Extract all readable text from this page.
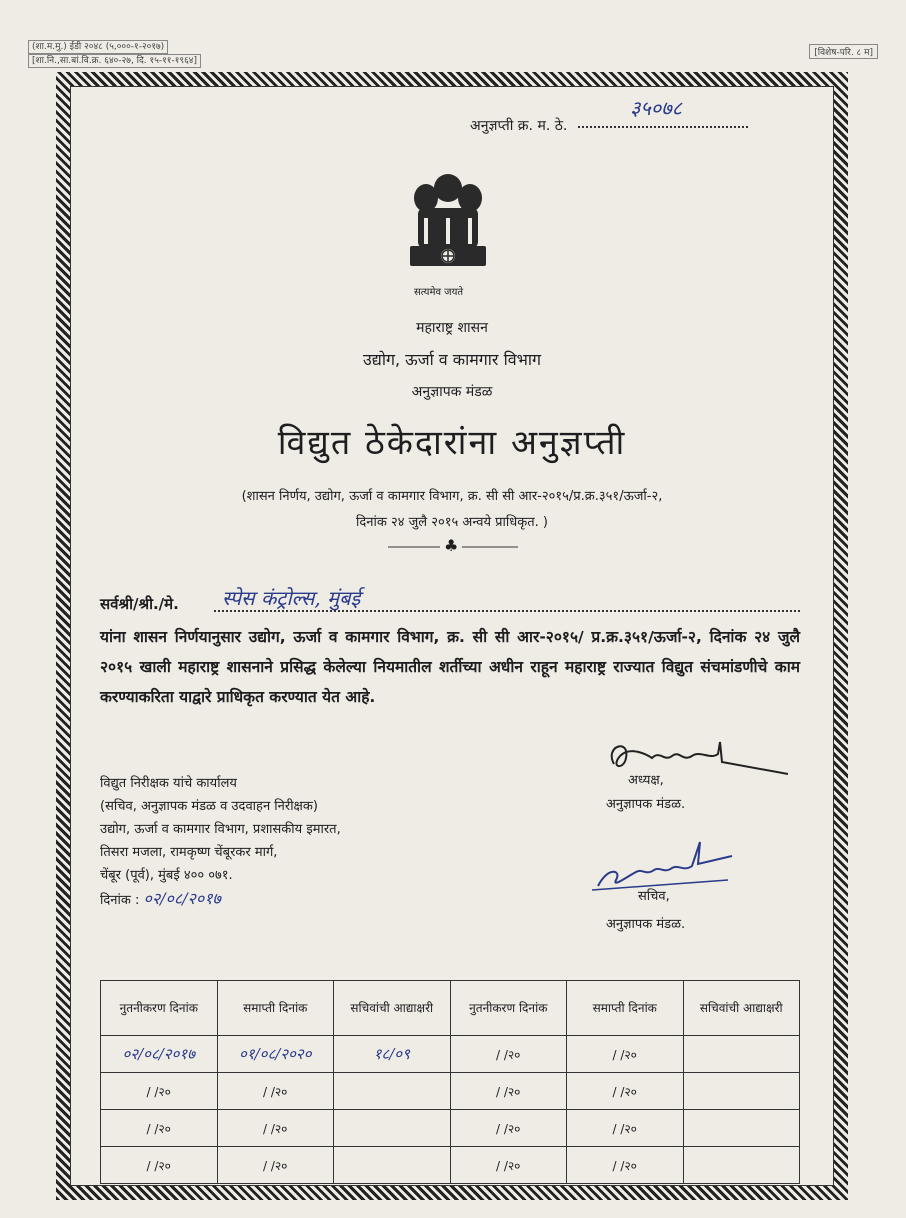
(शा.म.मु.) ईडी २०४८ (५,०००-१-२०१७)
[शा.नि.,सा.बां.वि.क्र. ६४०-२७, दि. १५-११-१९६४]
[विशेष-परि. ८ म]
अनुज्ञप्ती क्र. म. ठे.
३५०७८
सत्यमेव जयते
महाराष्ट्र शासन
उद्योग, ऊर्जा व कामगार विभाग
अनुज्ञापक मंडळ
विद्युत ठेकेदारांना अनुज्ञप्ती
(शासन निर्णय, उद्योग, ऊर्जा व कामगार विभाग, क्र. सी सी आर-२०१५/प्र.क्र.३५१/ऊर्जा-२,
दिनांक २४ जुलै २०१५ अन्वये प्राधिकृत. )
♣
सर्वश्री/श्री./मे. स्पेस कंट्रोल्स, मुंबई
यांना शासन निर्णयानुसार उद्योग, ऊर्जा व कामगार विभाग, क्र. सी सी आर-२०१५/ प्र.क्र.३५१/ऊर्जा-२, दिनांक २४ जुलै २०१५ खाली महाराष्ट्र शासनाने प्रसिद्ध केलेल्या नियमातील शर्तीच्या अधीन राहून महाराष्ट्र राज्यात विद्युत संचमांडणीचे काम करण्याकरिता याद्वारे प्राधिकृत करण्यात येत आहे.
अध्यक्ष,
अनुज्ञापक मंडळ.
विद्युत निरीक्षक यांचे कार्यालय
(सचिव, अनुज्ञापक मंडळ व उदवाहन निरीक्षक)
उद्योग, ऊर्जा व कामगार विभाग, प्रशासकीय इमारत,
तिसरा मजला, रामकृष्ण चेंबूरकर मार्ग,
चेंबूर (पूर्व), मुंबई ४०० ०७१.
दिनांक : ०२/०८/२०१७	सचिव,
अनुज्ञापक मंडळ.
नुतनीकरण दिनांक	समाप्ती दिनांक	सचिवांची आद्याक्षरी	नुतनीकरण दिनांक	समाप्ती दिनांक	सचिवांची आद्याक्षरी
०२/०८/२०१७	०१/०८/२०२०	१८/०९	/ /२०	/ /२०	
/ /२०	/ /२०		/ /२०	/ /२०	
/ /२०	/ /२०		/ /२०	/ /२०	
/ /२०	/ /२०		/ /२०	/ /२०	
